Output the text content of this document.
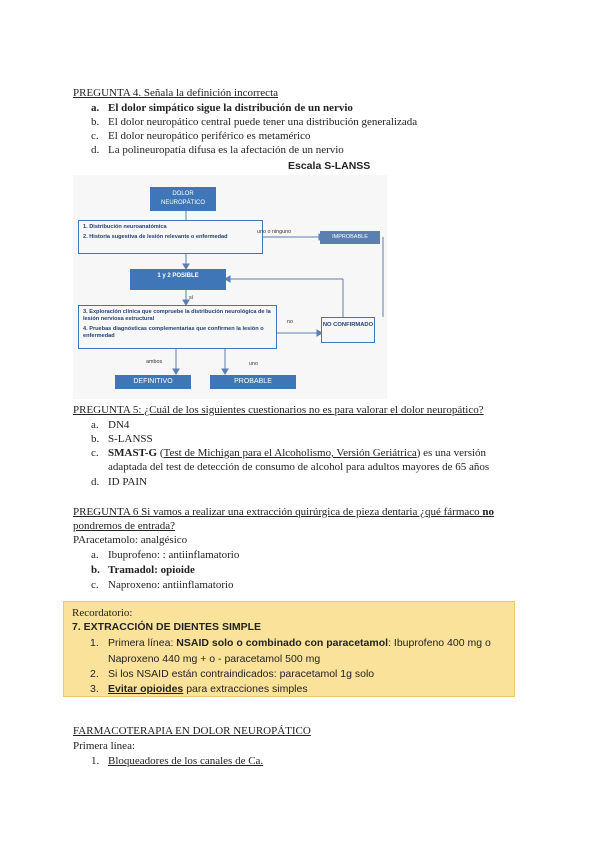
PREGUNTA 4. Señala la definición incorrecta
a. El dolor simpático sigue la distribución de un nervio
b. El dolor neuropático central puede tener una distribución generalizada
c. El dolor neuropático periférico es metamérico
d. La polineuropatía difusa es la afectación de un nervio
Escala S-LANSS
DOLOR NEUROPÁTICO
1. Distribución neuroanatómica
2. Historia sugestiva de lesión relevante o enfermedad
uno o ninguno
IMPROBABLE
1 y 2 POSIBLE
sí
3. Exploración clínica que compruebe la distribución neurológica de la lesión nerviosa estructural
4. Pruebas diagnósticas complementarias que confirmen la lesión o enfermedad
no	NO CONFIRMADO
ambos	uno
DEFINITIVO	PROBABLE
PREGUNTA 5: ¿Cuál de los siguientes cuestionarios no es para valorar el dolor neuropático?
a. DN4
b. S-LANSS
c. SMAST-G (Test de Michigan para el Alcoholismo, Versión Geriátrica) es una versión
adaptada del test de detección de consumo de alcohol para adultos mayores de 65 años
d. ID PAIN
PREGUNTA 6 Si vamos a realizar una extracción quirúrgica de pieza dentaria ¿qué fármaco no
pondremos de entrada?
PAracetamolo: analgésico
a. Ibuprofeno: : antiinflamatorio
b. Tramadol: opioide
c. Naproxeno: antiinflamatorio
Recordatorio:
7. EXTRACCIÓN DE DIENTES SIMPLE
1. Primera línea: NSAID solo o combinado con paracetamol: Ibuprofeno 400 mg o
Naproxeno 440 mg + o - paracetamol 500 mg
2. Si los NSAID están contraindicados: paracetamol 1g solo
3. Evitar opioides para extracciones simples
FARMACOTERAPIA EN DOLOR NEUROPÁTICO
Primera línea:
1. Bloqueadores de los canales de Ca.
